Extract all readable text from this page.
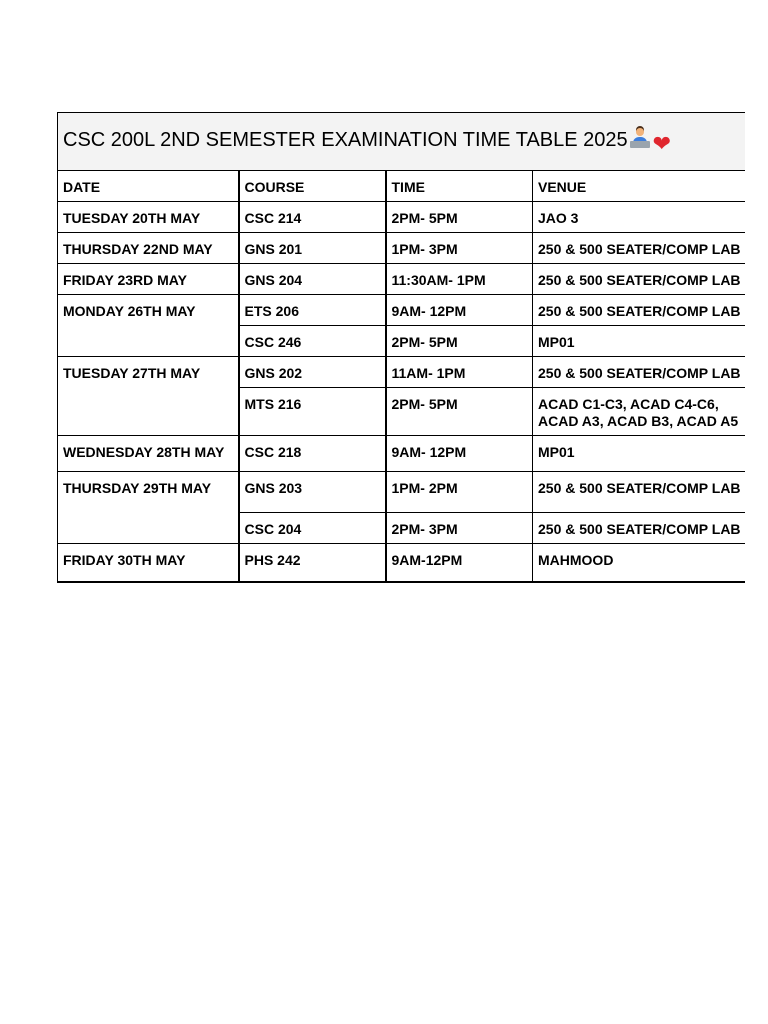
CSC 200L 2ND SEMESTER EXAMINATION TIME TABLE 2025 ❤			
DATE	COURSE	TIME	VENUE
TUESDAY 20TH MAY	CSC 214	2PM- 5PM	JAO 3
THURSDAY 22ND MAY	GNS 201	1PM- 3PM	250 & 500 SEATER/COMP LAB
FRIDAY 23RD MAY	GNS 204	11:30AM- 1PM	250 & 500 SEATER/COMP LAB
MONDAY 26TH MAY	ETS 206	9AM- 12PM	250 & 500 SEATER/COMP LAB
	CSC 246	2PM- 5PM	MP01
TUESDAY 27TH MAY	GNS 202	11AM- 1PM	250 & 500 SEATER/COMP LAB
	MTS 216	2PM- 5PM	ACAD C1-C3, ACAD C4-C6, ACAD A3, ACAD B3, ACAD A5
WEDNESDAY 28TH MAY	CSC 218	9AM- 12PM	MP01
THURSDAY 29TH MAY	GNS 203	1PM- 2PM	250 & 500 SEATER/COMP LAB
	CSC 204	2PM- 3PM	250 & 500 SEATER/COMP LAB
FRIDAY 30TH MAY	PHS 242	9AM-12PM	MAHMOOD
